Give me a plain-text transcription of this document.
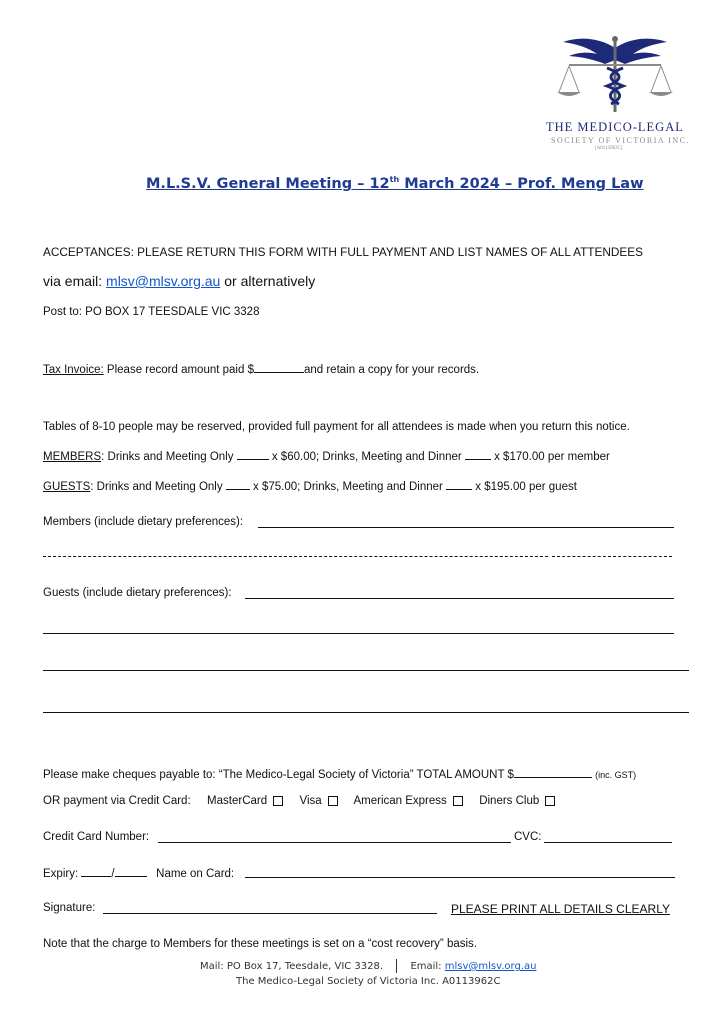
THE MEDICO-LEGAL
SOCIETY OF VICTORIA INC.
[A0113962C]
M.L.S.V. General Meeting – 12th March 2024 – Prof. Meng Law
ACCEPTANCES: PLEASE RETURN THIS FORM WITH FULL PAYMENT AND LIST NAMES OF ALL ATTENDEES
via email: mlsv@mlsv.org.au or alternatively
Post to: PO BOX 17 TEESDALE VIC 3328
Tax Invoice: Please record amount paid $	and retain a copy for your records.
Tables of 8-10 people may be reserved, provided full payment for all attendees is made when you return this notice.
MEMBERS: Drinks and Meeting Only	x $60.00; Drinks, Meeting and Dinner  x $170.00 per member
GUESTS: Drinks and Meeting Only  x $75.00; Drinks, Meeting and Dinner  x $195.00 per guest
Members (include dietary preferences):
Guests (include dietary preferences):
Please make cheques payable to: “The Medico-Legal Society of Victoria” TOTAL AMOUNT $	(inc. GST)
OR payment via Credit Card: MasterCard	Visa	American Express	Diners Club
Credit Card Number:	CVC:
Expiry:	/	Name on Card:
Signature:	PLEASE PRINT ALL DETAILS CLEARLY
Note that the charge to Members for these meetings is set on a “cost recovery” basis.
Mail: PO Box 17, Teesdale, VIC 3328.	Email: mlsv@mlsv.org.au
The Medico-Legal Society of Victoria Inc. A0113962C
